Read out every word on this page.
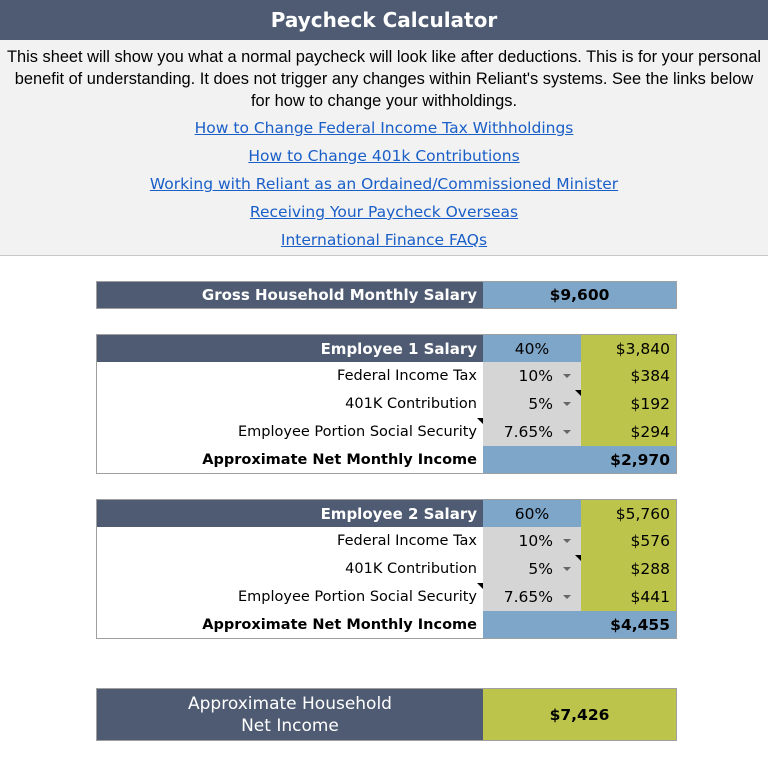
Paycheck Calculator
This sheet will show you what a normal paycheck will look like after deductions. This is for your personal benefit of understanding. It does not trigger any changes within Reliant's systems. See the links below for how to change your withholdings.
How to Change Federal Income Tax Withholdings
How to Change 401k Contributions
Working with Reliant as an Ordained/Commissioned Minister
Receiving Your Paycheck Overseas
International Finance FAQs
Gross Household Monthly Salary	$9,600
Employee 1 Salary	40%	$3,840
Federal Income Tax	10%	$384
401K Contribution	5%	$192
Employee Portion Social Security 7.65%	$294
Approximate Net Monthly Income	$2,970
Employee 2 Salary	60%	$5,760
Federal Income Tax	10%	$576
401K Contribution	5%	$288
Employee Portion Social Security 7.65%	$441
Approximate Net Monthly Income	$4,455
Approximate Household
Net Income
$7,426
